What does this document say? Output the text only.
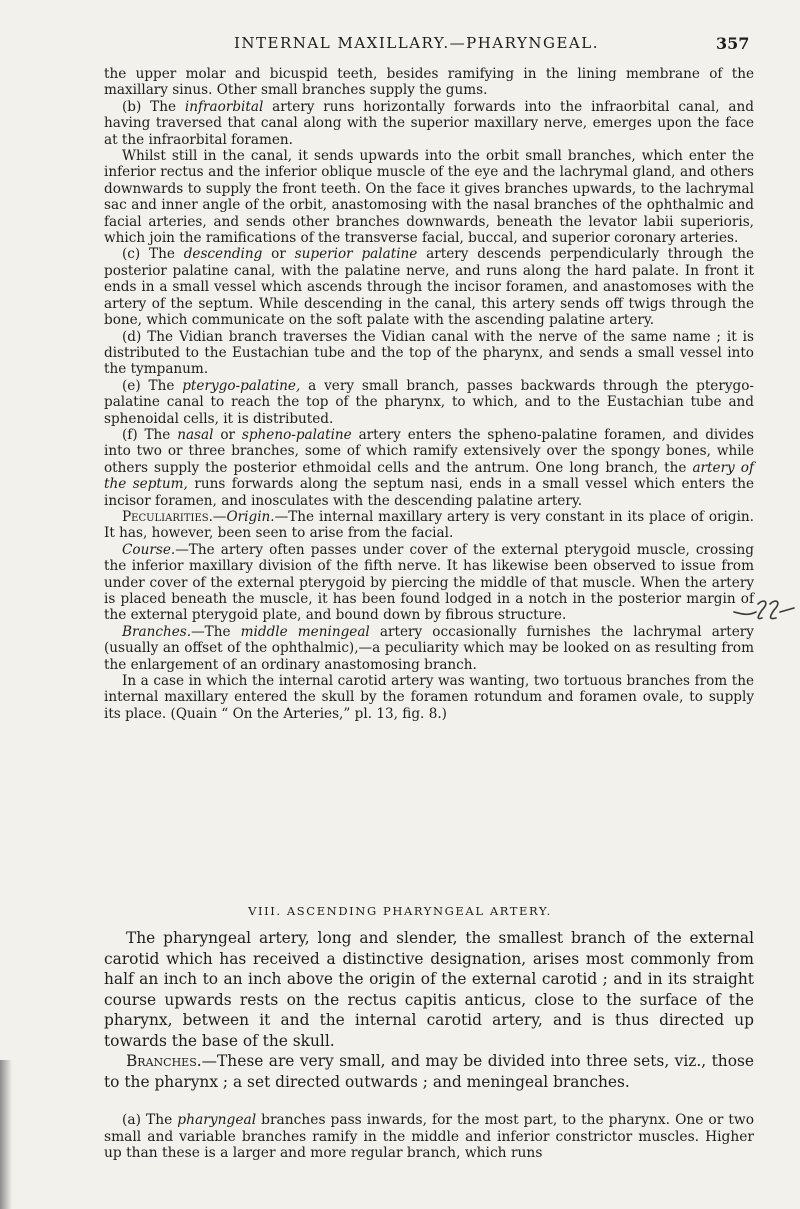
INTERNAL MAXILLARY.—PHARYNGEAL.	357

the upper molar and bicuspid teeth, besides ramifying in the lining membrane of the maxillary sinus. Other small branches supply the gums.

(b) The infraorbital artery runs horizontally forwards into the infraorbital canal, and having traversed that canal along with the superior maxillary nerve, emerges upon the face at the infraorbital foramen.

Whilst still in the canal, it sends upwards into the orbit small branches, which enter the inferior rectus and the inferior oblique muscle of the eye and the lachrymal gland, and others downwards to supply the front teeth. On the face it gives branches upwards, to the lachrymal sac and inner angle of the orbit, anastomosing with the nasal branches of the ophthalmic and facial arteries, and sends other branches downwards, beneath the levator labii superioris, which join the ramifications of the transverse facial, buccal, and superior coronary arteries.

(c) The descending or superior palatine artery descends perpendicularly through the posterior palatine canal, with the palatine nerve, and runs along the hard palate. In front it ends in a small vessel which ascends through the incisor foramen, and anastomoses with the artery of the septum. While descending in the canal, this artery sends off twigs through the bone, which communicate on the soft palate with the ascending palatine artery.

(d) The Vidian branch traverses the Vidian canal with the nerve of the same name ; it is distributed to the Eustachian tube and the top of the pharynx, and sends a small vessel into the tympanum.

(e) The pterygo-palatine, a very small branch, passes backwards through the pterygo-palatine canal to reach the top of the pharynx, to which, and to the Eustachian tube and sphenoidal cells, it is distributed.

(f) The nasal or spheno-palatine artery enters the spheno-palatine foramen, and divides into two or three branches, some of which ramify extensively over the spongy bones, while others supply the posterior ethmoidal cells and the antrum. One long branch, the artery of the septum, runs forwards along the septum nasi, ends in a small vessel which enters the incisor foramen, and inosculates with the descending palatine artery.

Peculiarities.—Origin.—The internal maxillary artery is very constant in its place of origin. It has, however, been seen to arise from the facial.

Course.—The artery often passes under cover of the external pterygoid muscle, crossing the inferior maxillary division of the fifth nerve. It has likewise been observed to issue from under cover of the external pterygoid by piercing the middle of that muscle. When the artery is placed beneath the muscle, it has been found lodged in a notch in the posterior margin of the external pterygoid plate, and bound down by fibrous structure.

Branches.—The middle meningeal artery occasionally furnishes the lachrymal artery (usually an offset of the ophthalmic),—a peculiarity which may be looked on as resulting from the enlargement of an ordinary anastomosing branch.

In a case in which the internal carotid artery was wanting, two tortuous branches from the internal maxillary entered the skull by the foramen rotundum and foramen ovale, to supply its place. (Quain “ On the Arteries,” pl. 13, fig. 8.)

VIII. ASCENDING PHARYNGEAL ARTERY.

The pharyngeal artery, long and slender, the smallest branch of the external carotid which has received a distinctive designation, arises most commonly from half an inch to an inch above the origin of the external carotid ; and in its straight course upwards rests on the rectus capitis anticus, close to the surface of the pharynx, between it and the internal carotid artery, and is thus directed up towards the base of the skull.

Branches.—These are very small, and may be divided into three sets, viz., those to the pharynx ; a set directed outwards ; and meningeal branches.

(a) The pharyngeal branches pass inwards, for the most part, to the pharynx. One or two small and variable branches ramify in the middle and inferior constrictor muscles. Higher up than these is a larger and more regular branch, which runs
